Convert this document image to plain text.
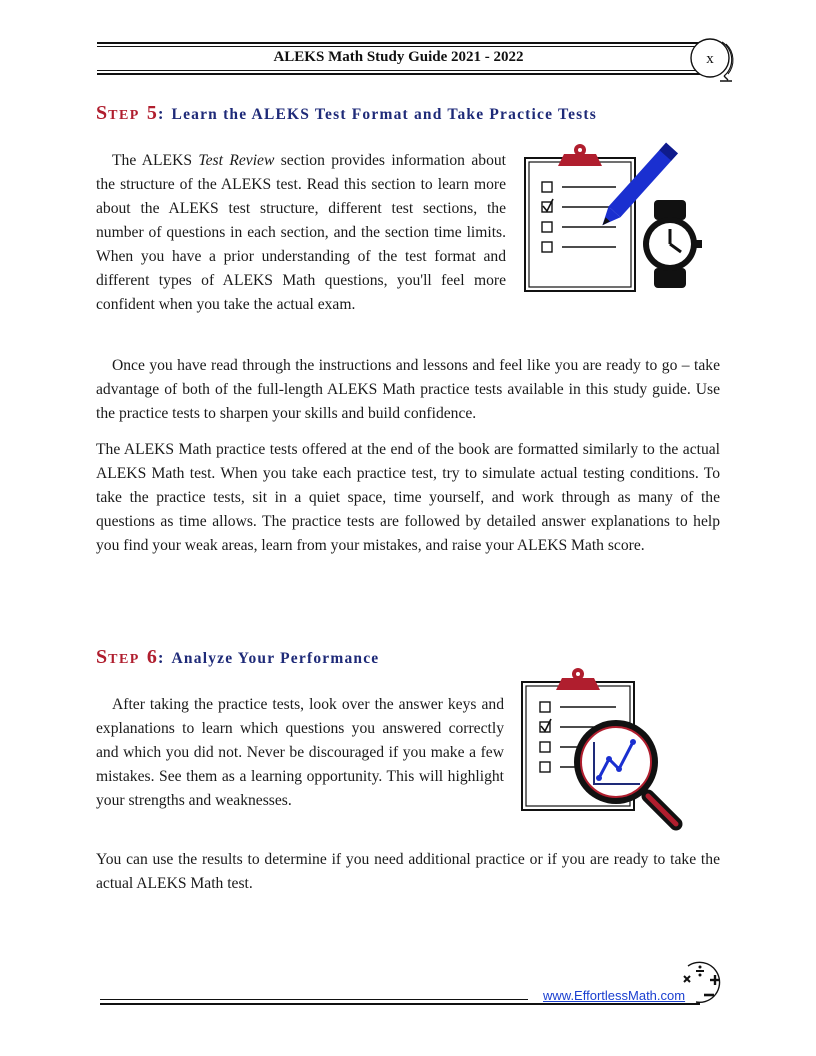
ALEKS Math Study Guide 2021 - 2022	x
STEP 5: Learn the ALEKS Test Format and Take Practice Tests

The ALEKS Test Review section provides information about the structure of the ALEKS test. Read this section to learn more about the ALEKS test structure, different test sections, the number of questions in each section, and the section time limits. When you have a prior understanding of the test format and different types of ALEKS Math questions, you'll feel more confident when you take the actual exam.

Once you have read through the instructions and lessons and feel like you are ready to go – take advantage of both of the full-length ALEKS Math practice tests available in this study guide. Use the practice tests to sharpen your skills and build confidence.

The ALEKS Math practice tests offered at the end of the book are formatted similarly to the actual ALEKS Math test. When you take each practice test, try to simulate actual testing conditions. To take the practice tests, sit in a quiet space, time yourself, and work through as many of the questions as time allows. The practice tests are followed by detailed answer explanations to help you find your weak areas, learn from your mistakes, and raise your ALEKS Math score.

STEP 6: Analyze Your Performance

After taking the practice tests, look over the answer keys and explanations to learn which questions you answered correctly and which you did not. Never be discouraged if you make a few mistakes. See them as a learning opportunity. This will highlight your strengths and weaknesses.

You can use the results to determine if you need additional practice or if you are ready to take the actual ALEKS Math test.

www.EffortlessMath.com
